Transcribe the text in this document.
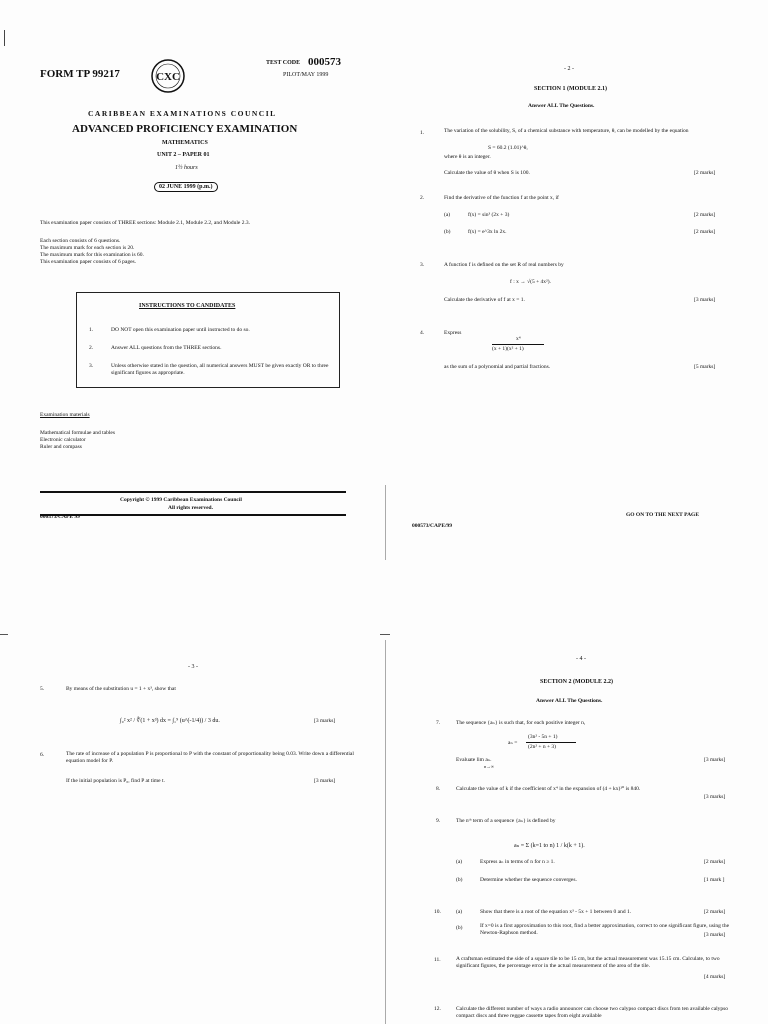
FORM TP 99217	CXC
TEST CODE 000573
PILOT/MAY 1999
CARIBBEAN EXAMINATIONS COUNCIL
ADVANCED PROFICIENCY EXAMINATION
MATHEMATICS
UNIT 2 – PAPER 01
1½ hours
02 JUNE 1999 (p.m.)
This examination paper consists of THREE sections: Module 2.1, Module 2.2, and Module 2.3.
Each section consists of 6 questions.
The maximum mark for each section is 20.
The maximum mark for this examination is 60.
This examination paper consists of 6 pages.
INSTRUCTIONS TO CANDIDATES
1.	DO NOT open this examination paper until instructed to do so.
2.	Answer ALL questions from the THREE sections.
3.	Unless otherwise stated in the question, all numerical answers MUST be given exactly OR to three significant figures as appropriate.
Examination materials
Mathematical formulae and tables
Electronic calculator
Ruler and compass
Copyright © 1999 Caribbean Examinations Council
All rights reserved.
000573/CAPE 99
- 2 -
SECTION 1 (MODULE 2.1)
Answer ALL The Questions.
1.	The variation of the solubility, S, of a chemical substance with temperature, θ, can be modelled by the equation
S = 60.2 (1.01)^θ,
where θ is an integer.
Calculate the value of θ when S is 100.	[2 marks]
2.	Find the derivative of the function f at the point x, if
(a)	f(x) = sin³ (2x + 3)	[2 marks]
(b)	f(x) = e^3x ln 2x.	[2 marks]
3.	A function f is defined on the set R of real numbers by
f : x → √(5 + 4x²).
Calculate the derivative of f at x = 1.	[3 marks]
4.	Express
x⁴
(x + 1)(x² + 1)
as the sum of a polynomial and partial fractions.	[5 marks]
000573/CAPE/99
GO ON TO THE NEXT PAGE
- 3 -
5.	By means of the substitution u = 1 + x³, show that
∫₀² x² / ∜(1 + x³) dx = ∫₁⁹ (u^(-1/4)) / 3 du.	[3 marks]
6.	The rate of increase of a population P is proportional to P with the constant of proportionality being 0.03. Write down a differential equation model for P.
If the initial population is P₀, find P at time t.	[3 marks]
- 4 -
SECTION 2 (MODULE 2.2)
Answer ALL The Questions.
7.	The sequence {aₙ} is such that, for each positive integer n,
aₙ =
(3n² - 5n + 1)
(2n² + n + 3)
Evaluate lim aₙ.
n→∞
[3 marks]
8.	Calculate the value of k if the coefficient of x⁴ in the expansion of (4 + kx)¹⁰ is 840.
[3 marks]
9.	The nᵗʰ term of a sequence {aₙ} is defined by
aₙ = Σ (k=1 to n) 1 / k(k + 1).
(a)	Express aₙ in terms of n for n ≥ 1.	[2 marks]
(b)	Determine whether the sequence converges.	[1 mark ]
10.	(a)	Show that there is a root of the equation x³ - 5x + 1 between 0 and 1.	[2 marks]
(b)	If x=0 is a first approximation to this root, find a better approximation, correct to one significant figure, using the Newton-Raphson method.	[3 marks]
11.	A craftsman estimated the side of a square tile to be 15 cm, but the actual measurement was 15.15 cm. Calculate, to two significant figures, the percentage error in the actual measurement of the area of the tile.
[4 marks]
12.	Calculate the different number of ways a radio announcer can choose two calypso compact discs from ten available calypso compact discs and three reggae cassette tapes from eight available
